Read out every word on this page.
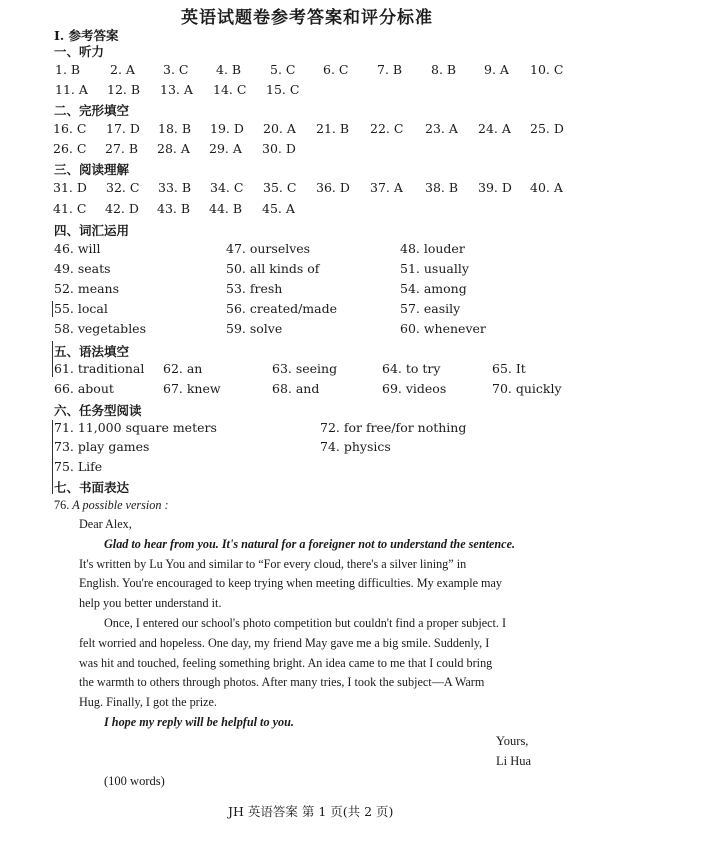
英语试题卷参考答案和评分标准
Ⅰ. 参考答案
一、听力
1. B 2. A 3. C 4. B 5. C 6. C 7. B 8. B 9. A 10. C
11. A 12. B 13. A 14. C 15. C
二、完形填空
16. C 17. D 18. B 19. D 20. A 21. B 22. C 23. A 24. A 25. D
26. C 27. B 28. A 29. A 30. D
三、阅读理解
31. D 32. C 33. B 34. C 35. C 36. D 37. A 38. B 39. D 40. A
41. C 42. D 43. B 44. B 45. A
四、词汇运用
46. will	47. ourselves	48. louder
49. seats	50. all kinds of	51. usually
52. means	53. fresh	54. among
55. local	56. created/made	57. easily
58. vegetables	59. solve	60. whenever
五、语法填空
61. traditional 62. an	63. seeing	64. to try	65. It
66. about	67. knew	68. and	69. videos	70. quickly
六、任务型阅读
71. 11,000 square meters	72. for free/for nothing
73. play games	74. physics
75. Life
七、书面表达
76. A possible version :
Dear Alex,
Glad to hear from you. It's natural for a foreigner not to understand the sentence.
It's written by Lu You and similar to “For every cloud, there's a silver lining” in
English. You're encouraged to keep trying when meeting difficulties. My example may
help you better understand it.
Once, I entered our school's photo competition but couldn't find a proper subject. I
felt worried and hopeless. One day, my friend May gave me a big smile. Suddenly, I
was hit and touched, feeling something bright. An idea came to me that I could bring
the warmth to others through photos. After many tries, I took the subject—A Warm
Hug. Finally, I got the prize.
I hope my reply will be helpful to you.
Yours,
Li Hua
(100 words)
JH 英语答案 第 1 页(共 2 页)
